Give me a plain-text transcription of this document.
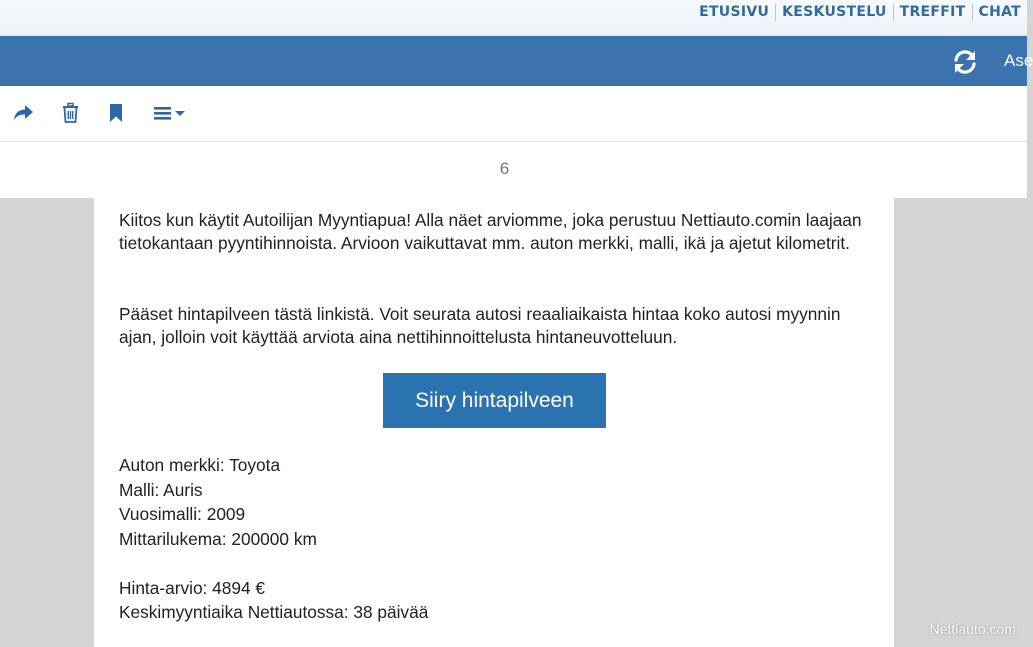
ETUSIVU KESKUSTELU TREFFIT CHAT
Ase
6

Kiitos kun käytit Autoilijan Myyntiapua! Alla näet arviomme, joka perustuu Nettiauto.comin laajaan tietokantaan pyyntihinnoista. Arvioon vaikuttavat mm. auton merkki, malli, ikä ja ajetut kilometrit.

Pääset hintapilveen tästä linkistä. Voit seurata autosi reaaliaikaista hintaa koko autosi myynnin ajan, jolloin voit käyttää arviota aina nettihinnoittelusta hintaneuvotteluun.

Siiry hintapilveen
Auton merkki: Toyota
Malli: Auris
Vuosimalli: 2009
Mittarilukema: 200000 km
Hinta-arvio: 4894 €
Keskimyyntiaika Nettiautossa: 38 päivää
Nettiauto.com
